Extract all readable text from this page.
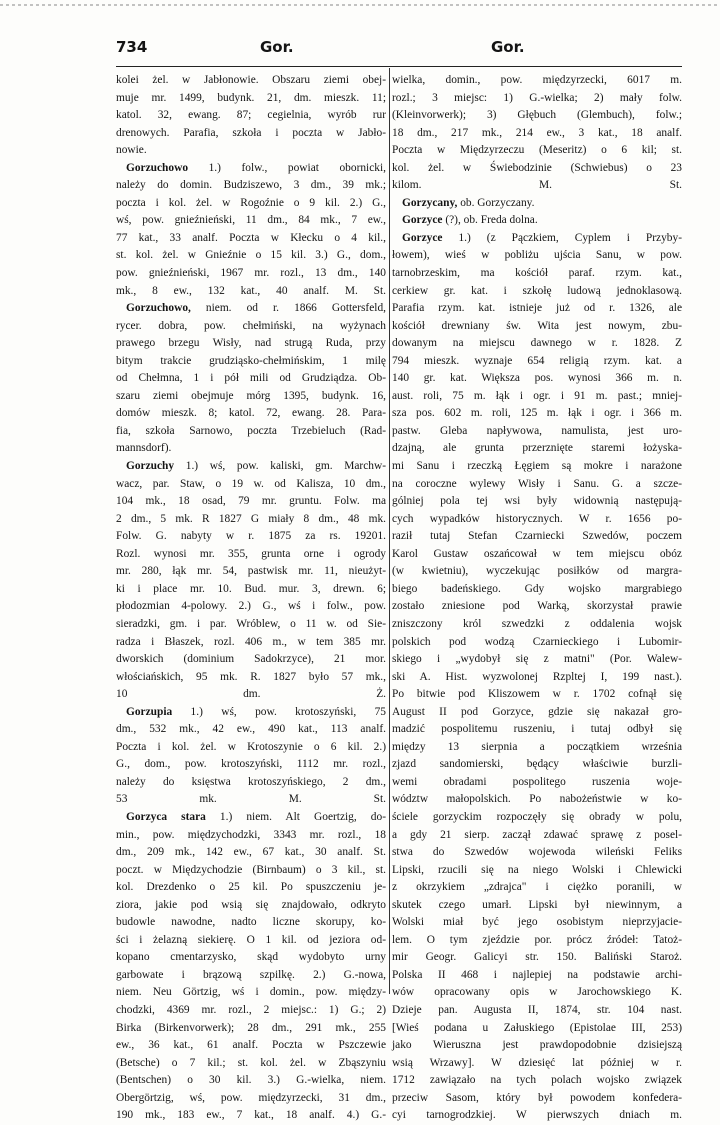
734	Gor.	Gor.
kolei żel. w Jabłonowie. Obszaru ziemi obej-
muje mr. 1499, budynk. 21, dm. mieszk. 11;
katol. 32, ewang. 87; cegielnia, wyrób rur
drenowych. Parafia, szkoła i poczta w Jabło-
nowie.
Gorzuchowo 1.) folw., powiat obornicki,
należy do domin. Budziszewo, 3 dm., 39 mk.;
poczta i kol. żel. w Rogoźnie o 9 kil. 2.) G.,
wś, pow. gnieźnieński, 11 dm., 84 mk., 7 ew.,
77 kat., 33 analf. Poczta w Kłecku o 4 kil.,
st. kol. żel. w Gnieźnie o 15 kil. 3.) G., dom.,
pow. gnieźnieński, 1967 mr. rozl., 13 dm., 140
mk., 8 ew., 132 kat., 40 analf. M. St.
Gorzuchowo, niem. od r. 1866 Gottersfeld,
rycer. dobra, pow. chełmiński, na wyżynach
prawego brzegu Wisły, nad strugą Ruda, przy
bitym trakcie grudziąsko-chełmińskim, 1 milę
od Chełmna, 1 i pół mili od Grudziądza. Ob-
szaru ziemi obejmuje mórg 1395, budynk. 16,
domów mieszk. 8; katol. 72, ewang. 28. Para-
fia, szkoła Sarnowo, poczta Trzebieluch (Rad-
mannsdorf).
Gorzuchy 1.) wś, pow. kaliski, gm. Marchw-
wacz, par. Staw, o 19 w. od Kalisza, 10 dm.,
104 mk., 18 osad, 79 mr. gruntu. Folw. ma
2 dm., 5 mk. R 1827 G miały 8 dm., 48 mk.
Folw. G. nabyty w r. 1875 za rs. 19201.
Rozl. wynosi mr. 355, grunta orne i ogrody
mr. 280, łąk mr. 54, pastwisk mr. 11, nieużyt-
ki i place mr. 10. Bud. mur. 3, drewn. 6;
płodozmian 4-polowy. 2.) G., wś i folw., pow.
sieradzki, gm. i par. Wróblew, o 11 w. od Sie-
radza i Błaszek, rozl. 406 m., w tem 385 mr.
dworskich (dominium Sadokrzyce), 21 mor.
włościańskich, 95 mk. R. 1827 było 57 mk.,
10 dm. Ż.
Gorzupia 1.) wś, pow. krotoszyński, 75
dm., 532 mk., 42 ew., 490 kat., 113 analf.
Poczta i kol. żel. w Krotoszynie o 6 kil. 2.)
G., dom., pow. krotoszyński, 1112 mr. rozl.,
należy do księstwa krotoszyńskiego, 2 dm.,
53 mk. M. St.
Gorzyca stara 1.) niem. Alt Goertzig, do-
min., pow. międzychodzki, 3343 mr. rozl., 18
dm., 209 mk., 142 ew., 67 kat., 30 analf. St.
poczt. w Międzychodzie (Birnbaum) o 3 kil., st.
kol. Drezdenko o 25 kil. Po spuszczeniu je-
ziora, jakie pod wsią się znajdowało, odkryto
budowle nawodne, nadto liczne skorupy, ko-
ści i żelazną siekierę. O 1 kil. od jeziora od-
kopano cmentarzysko, skąd wydobyto urny
garbowate i brązową szpilkę. 2.) G.-nowa,
niem. Neu Görtzig, wś i domin., pow. między-
chodzki, 4369 mr. rozl., 2 miejsc.: 1) G.; 2)
Birka (Birkenvorwerk); 28 dm., 291 mk., 255
ew., 36 kat., 61 analf. Poczta w Pszczewie
(Betsche) o 7 kil.; st. kol. żel. w Zbąszyniu
(Bentschen) o 30 kil. 3.) G.-wielka, niem.
Obergörtzig, wś, pow. międzyrzecki, 31 dm.,
190 mk., 183 ew., 7 kat., 18 analf. 4.) G.-
wielka, domin., pow. międzyrzecki, 6017 m.
rozl.; 3 miejsc: 1) G.-wielka; 2) mały folw.
(Kleinvorwerk); 3) Głębuch (Glembuch), folw.;
18 dm., 217 mk., 214 ew., 3 kat., 18 analf.
Poczta w Międzyrzeczu (Meseritz) o 6 kil; st.
kol. żel. w Świebodzinie (Schwiebus) o 23
kilom. M. St.
Gorzycany, ob. Gorzyczany.
Gorzyce (?), ob. Freda dolna.
Gorzyce 1.) (z Pączkiem, Cyplem i Przyby-
łowem), wieś w pobliżu ujścia Sanu, w pow.
tarnobrzeskim, ma kościół paraf. rzym. kat.,
cerkiew gr. kat. i szkołę ludową jednoklasową.
Parafia rzym. kat. istnieje już od r. 1326, ale
kościół drewniany św. Wita jest nowym, zbu-
dowanym na miejscu dawnego w r. 1828. Z
794 mieszk. wyznaje 654 religią rzym. kat. a
140 gr. kat. Większa pos. wynosi 366 m. n.
aust. roli, 75 m. łąk i ogr. i 91 m. past.; mniej-
sza pos. 602 m. roli, 125 m. łąk i ogr. i 366 m.
pastw. Gleba napływowa, namulista, jest uro-
dzajną, ale grunta przerznięte staremi łożyska-
mi Sanu i rzeczką Łęgiem są mokre i narażone
na coroczne wylewy Wisły i Sanu. G. a szcze-
gólniej pola tej wsi były widownią następują-
cych wypadków historycznych. W r. 1656 po-
raził tutaj Stefan Czarniecki Szwedów, poczem
Karol Gustaw oszańcował w tem miejscu obóz
(w kwietniu), wyczekując posiłków od margra-
biego badeńskiego. Gdy wojsko margrabiego
zostało zniesione pod Warką, skorzystał prawie
zniszczony król szwedzki z oddalenia wojsk
polskich pod wodzą Czarnieckiego i Lubomir-
skiego i „wydobył się z matni" (Por. Walew-
ski A. Hist. wyzwolonej Rzpltej I, 199 nast.).
Po bitwie pod Kliszowem w r. 1702 cofnął się
August II pod Gorzyce, gdzie się nakazał gro-
madzić pospolitemu ruszeniu, i tutaj odbył się
między 13 sierpnia a początkiem września
zjazd sandomierski, będący właściwie burzli-
wemi obradami pospolitego ruszenia woje-
wództw małopolskich. Po nabożeństwie w ko-
ściele gorzyckim rozpoczęły się obrady w polu,
a gdy 21 sierp. zaczął zdawać sprawę z posel-
stwa do Szwedów wojewoda wileński Feliks
Lipski, rzucili się na niego Wolski i Chlewicki
z okrzykiem „zdrajca" i ciężko poranili, w
skutek czego umarł. Lipski był niewinnym, a
Wolski miał być jego osobistym nieprzyjacie-
lem. O tym zjeździe por. prócz źródeł: Tatoż-
mir Geogr. Galicyi str. 150. Baliński Staroż.
Polska II 468 i najlepiej na podstawie archi-
wów opracowany opis w Jarochowskiego K.
Dzieje pan. Augusta II, 1874, str. 104 nast.
[Wieś podana u Załuskiego (Epistolae III, 253)
jako Wieruszna jest prawdopodobnie dzisiejszą
wsią Wrzawy]. W dziesięć lat później w r.
1712 zawiązało na tych polach wojsko związek
przeciw Sasom, który był powodem konfedera-
cyi tarnogrodzkiej. W pierwszych dniach m.
